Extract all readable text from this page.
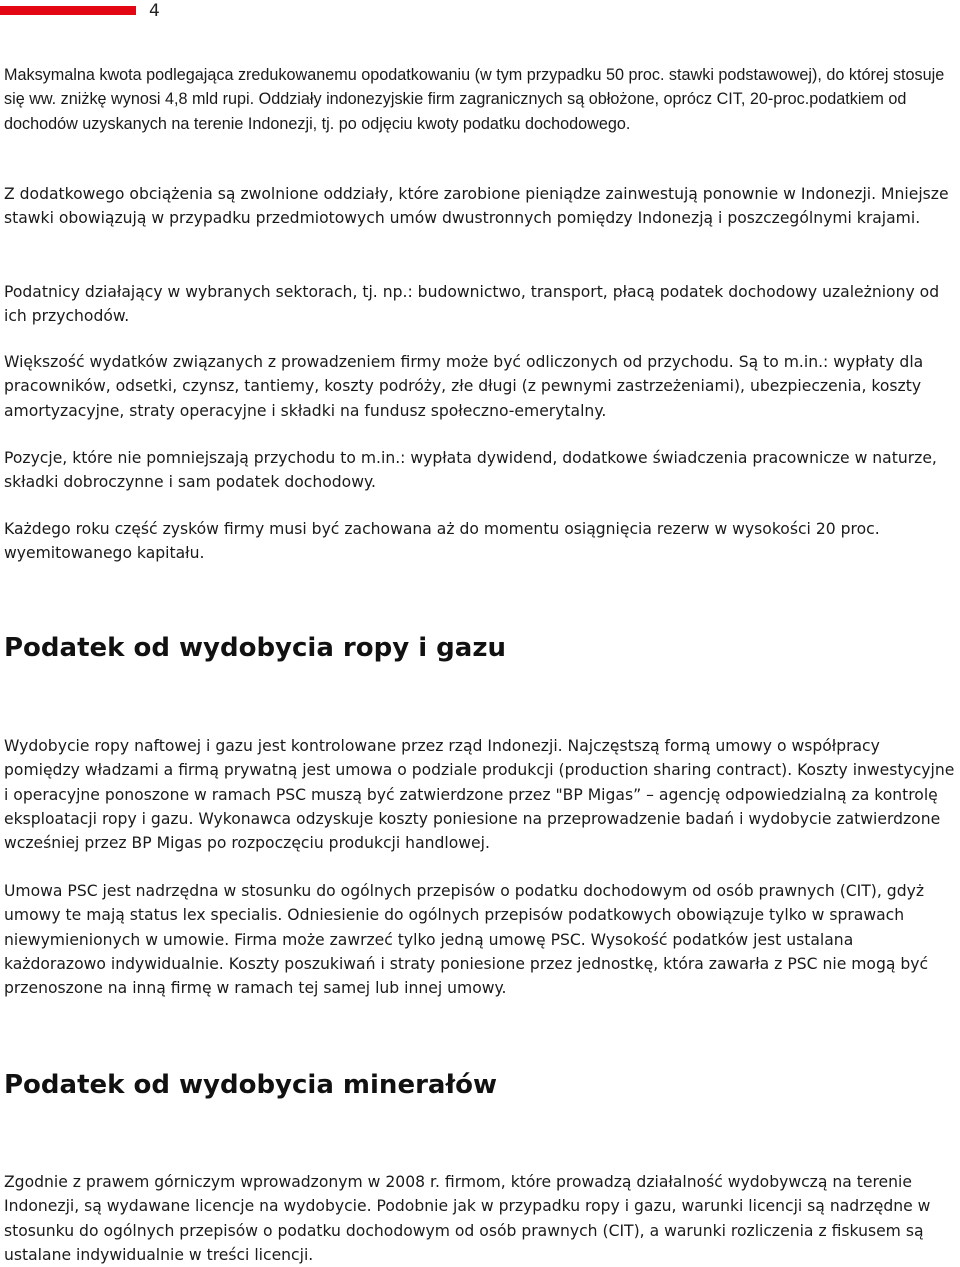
4

Maksymalna kwota podlegająca zredukowanemu opodatkowaniu (w tym przypadku 50 proc. stawki podstawowej), do której stosuje się ww. zniżkę wynosi 4,8 mld rupi. Oddziały indonezyjskie firm zagranicznych są obłożone, oprócz CIT, 20-proc.podatkiem od dochodów uzyskanych na terenie Indonezji, tj. po odjęciu kwoty podatku dochodowego.

Z dodatkowego obciążenia są zwolnione oddziały, które zarobione pieniądze zainwestują ponownie w Indonezji. Mniejsze stawki obowiązują w przypadku przedmiotowych umów dwustronnych pomiędzy Indonezją i poszczególnymi krajami.

Podatnicy działający w wybranych sektorach, tj. np.: budownictwo, transport, płacą podatek dochodowy uzależniony od ich przychodów.

Większość wydatków związanych z prowadzeniem firmy może być odliczonych od przychodu. Są to m.in.: wypłaty dla pracowników, odsetki, czynsz, tantiemy, koszty podróży, złe długi (z pewnymi zastrzeżeniami), ubezpieczenia, koszty amortyzacyjne, straty operacyjne i składki na fundusz społeczno-emerytalny.

Pozycje, które nie pomniejszają przychodu to m.in.: wypłata dywidend, dodatkowe świadczenia pracownicze w naturze, składki dobroczynne i sam podatek dochodowy.

Każdego roku część zysków firmy musi być zachowana aż do momentu osiągnięcia rezerw w wysokości 20 proc. wyemitowanego kapitału.

Podatek od wydobycia ropy i gazu

Wydobycie ropy naftowej i gazu jest kontrolowane przez rząd Indonezji. Najczęstszą formą umowy o współpracy pomiędzy władzami a firmą prywatną jest umowa o podziale produkcji (production sharing contract). Koszty inwestycyjne i operacyjne ponoszone w ramach PSC muszą być zatwierdzone przez "BP Migas” – agencję odpowiedzialną za kontrolę eksploatacji ropy i gazu. Wykonawca odzyskuje koszty poniesione na przeprowadzenie badań i wydobycie zatwierdzone wcześniej przez BP Migas po rozpoczęciu produkcji handlowej.

Umowa PSC jest nadrzędna w stosunku do ogólnych przepisów o podatku dochodowym od osób prawnych (CIT), gdyż umowy te mają status lex specialis. Odniesienie do ogólnych przepisów podatkowych obowiązuje tylko w sprawach niewymienionych w umowie. Firma może zawrzeć tylko jedną umowę PSC. Wysokość podatków jest ustalana każdorazowo indywidualnie. Koszty poszukiwań i straty poniesione przez jednostkę, która zawarła z PSC nie mogą być przenoszone na inną firmę w ramach tej samej lub innej umowy.

Podatek od wydobycia minerałów

Zgodnie z prawem górniczym wprowadzonym w 2008 r. firmom, które prowadzą działalność wydobywczą na terenie Indonezji, są wydawane licencje na wydobycie. Podobnie jak w przypadku ropy i gazu, warunki licencji są nadrzędne w stosunku do ogólnych przepisów o podatku dochodowym od osób prawnych (CIT), a warunki rozliczenia z fiskusem są ustalane indywidualnie w treści licencji.
